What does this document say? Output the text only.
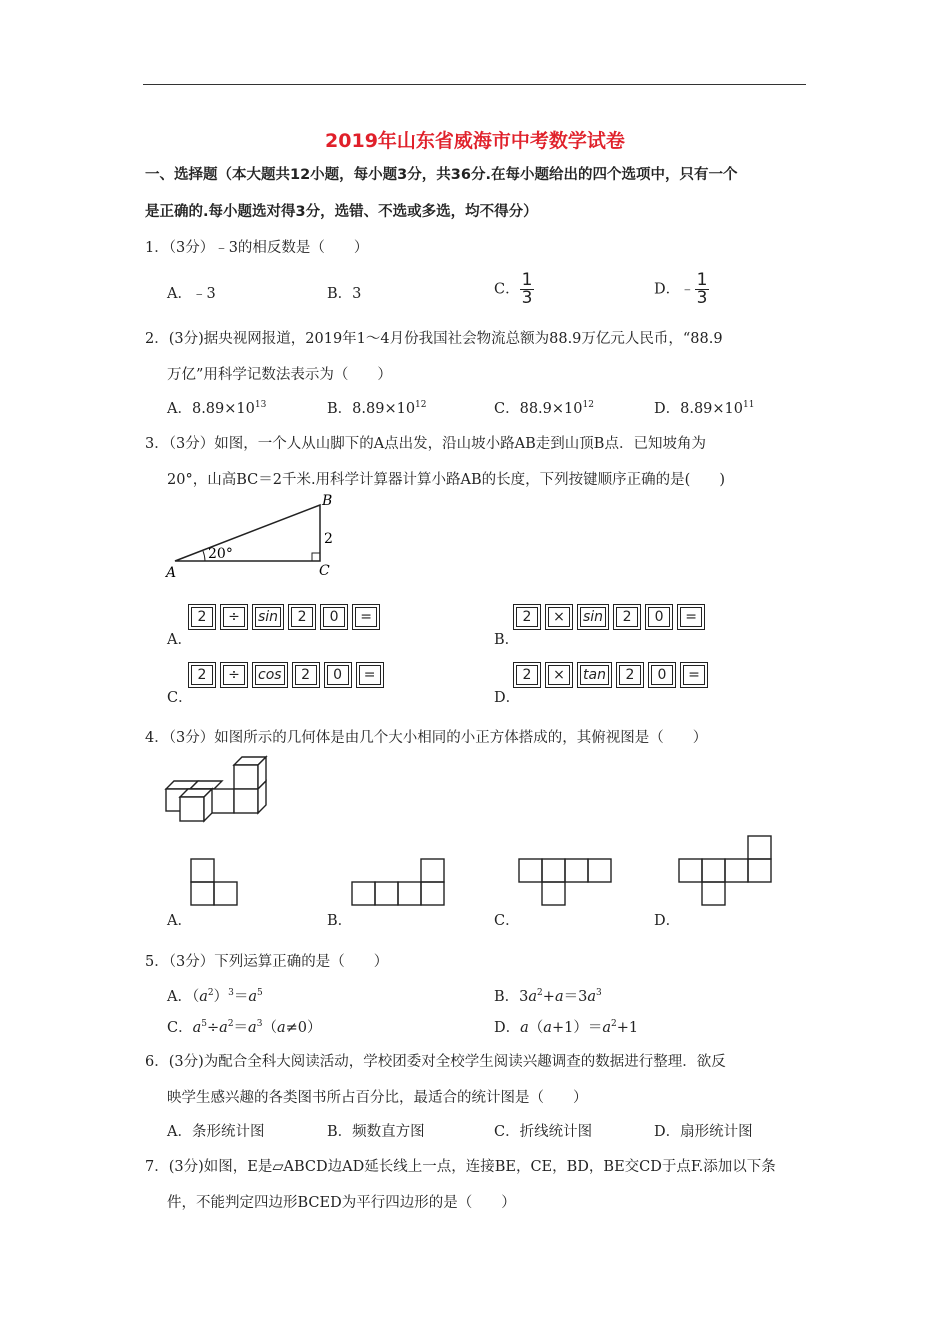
2019年山东省威海市中考数学试卷
一、选择题（本大题共12小题，每小题3分，共36分.在每小题给出的四个选项中，只有一个
是正确的.每小题选对得3分，选错、不选或多选，均不得分）
1．（3分）﹣3的相反数是（　　）
A．﹣3	B．3	C． $\frac{1}{3}$	D．﹣ $\frac{1}{3}$
2．(3分)据央视网报道，2019年1～4月份我国社会物流总额为88.9万亿元人民币，“88.9
万亿”用科学记数法表示为（　　）
A．$8.89\times 10^{13}$	B．$8.89\times 10^{12}$	C．$88.9\times 10^{12}$	D．$8.89\times 10^{11}$
3．（3分）如图，一个人从山脚下的A点出发，沿山坡小路AB走到山顶B点．已知坡角为
20°，山高BC＝2千米.用科学计算器计算小路AB的长度，下列按键顺序正确的是(　　)
20°
2
A
B
C
A．
2	÷	sin	2	0	=
B．
2	×	sin	2	0	=
C．
2	÷	cos	2	0	=
D．
2	×	tan	2	0	=
4．（3分）如图所示的几何体是由几个大小相同的小正方体搭成的，其俯视图是（　　）
A．	B．	C．	D．
5．（3分）下列运算正确的是（　　）
A．$(a^2)^3=a^5$	B．$3a^2+a=3a^3$
C．$a^5\div a^2=a^3(a\ne 0)$	D．$a(a+1)=a^2+1$
6．(3分)为配合全科大阅读活动，学校团委对全校学生阅读兴趣调查的数据进行整理．欲反
映学生感兴趣的各类图书所占百分比，最适合的统计图是（　　）
A．条形统计图	B．频数直方图	C．折线统计图	D．扇形统计图
7．(3分)如图，E是▱ABCD边AD延长线上一点，连接BE，CE，BD，BE交CD于点F.添加以下条
件，不能判定四边形BCED为平行四边形的是（　　）
